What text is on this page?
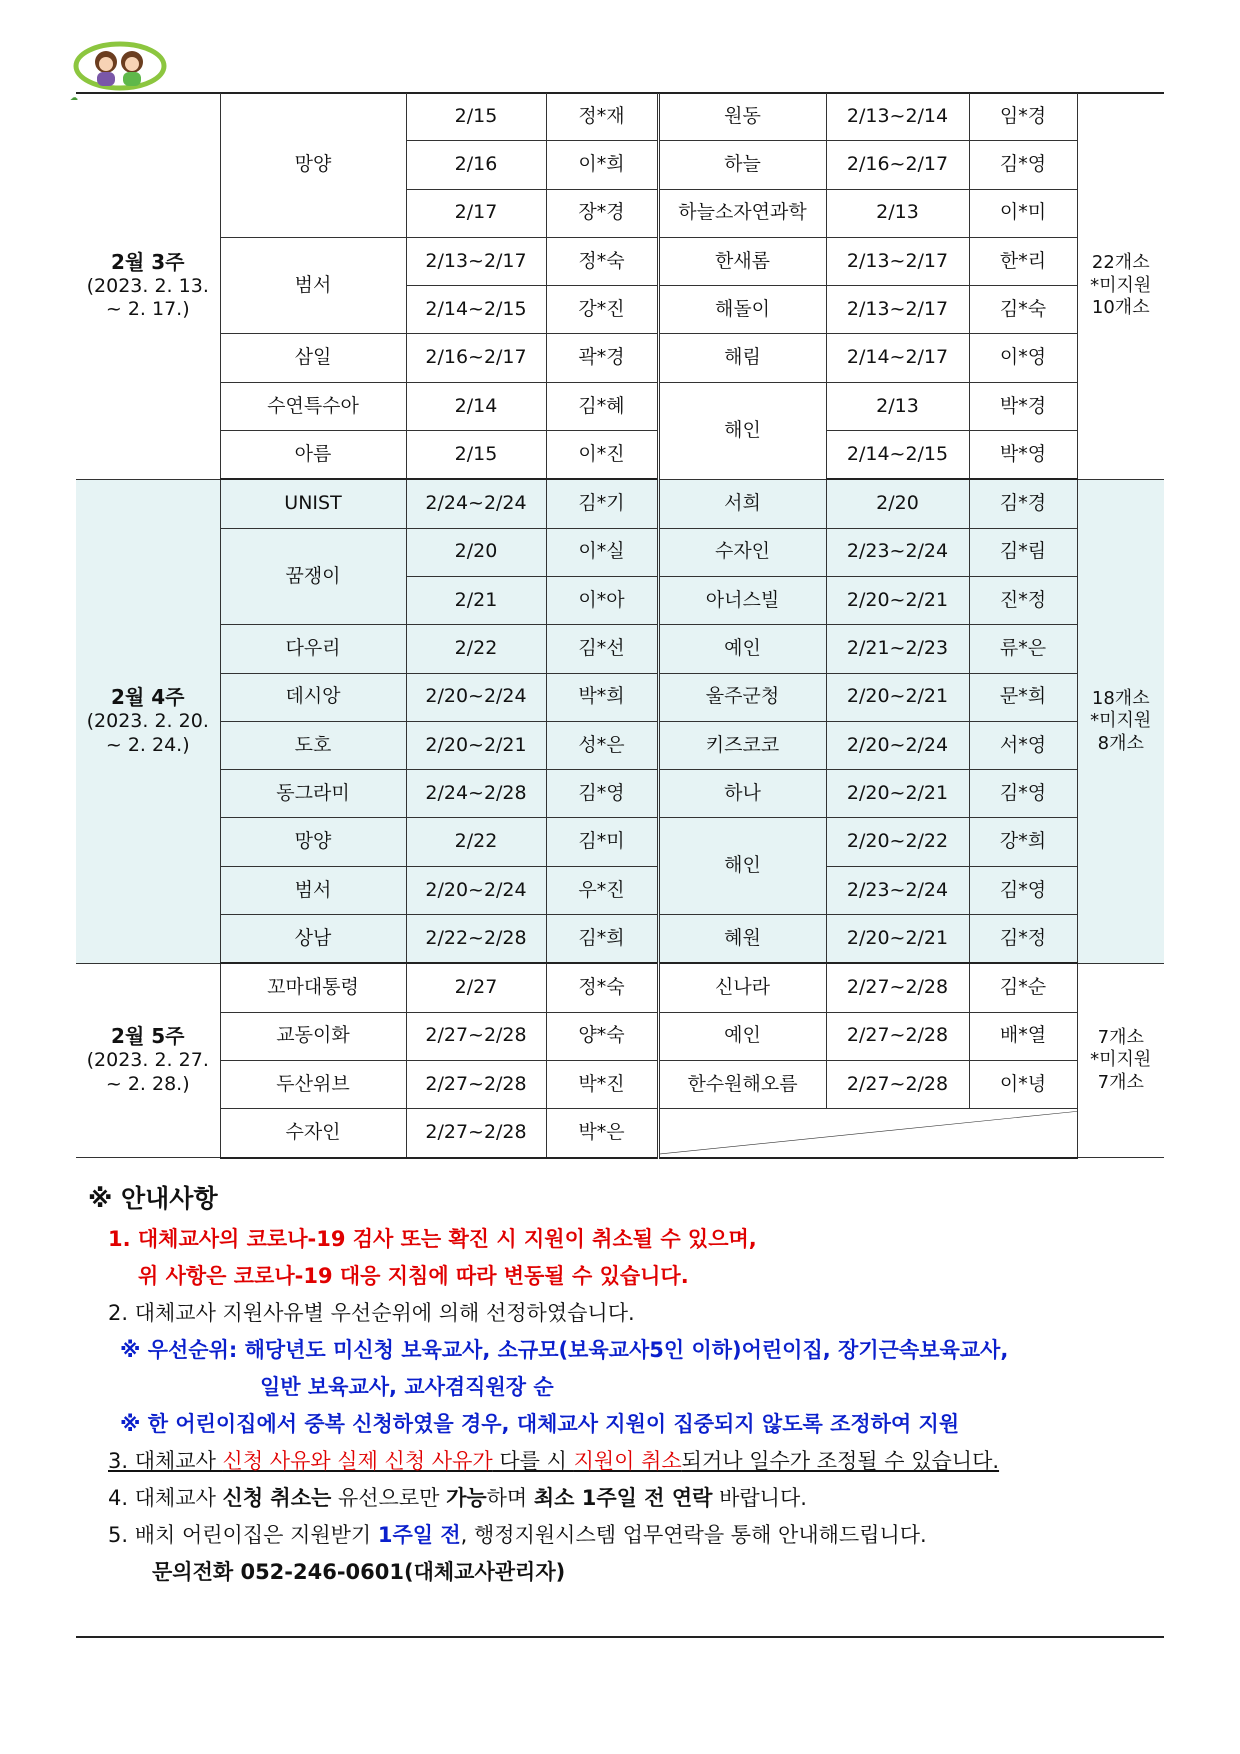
☁
2월 3주
(2023. 2. 13.
~ 2. 17.)	망양	2/15	정*재	원동	2/13~2/14	임*경	22개소
*미지원
10개소

		2/16	이*희	하늘	2/16~2/17	김*영	
		2/17	장*경	하늘소자연과학	2/13	이*미	
	범서	2/13~2/17	정*숙	한새롬	2/13~2/17	한*리	
		2/14~2/15	강*진	해돌이	2/13~2/17	김*숙	
	삼일	2/16~2/17	곽*경	해림	2/14~2/17	이*영	
	수연특수아	2/14	김*혜	해인	2/13	박*경	
	아름	2/15	이*진		2/14~2/15	박*영	

2월 4주
(2023. 2. 20.
~ 2. 24.)	UNIST	2/24~2/24	김*기	서희	2/20	김*경	18개소
*미지원
8개소

	꿈쟁이	2/20	이*실	수자인	2/23~2/24	김*림	
		2/21	이*아	아너스빌	2/20~2/21	진*정	
	다우리	2/22	김*선	예인	2/21~2/23	류*은	
	데시앙	2/20~2/24	박*희	울주군청	2/20~2/21	문*희	
	도호	2/20~2/21	성*은	키즈코코	2/20~2/24	서*영	
	동그라미	2/24~2/28	김*영	하나	2/20~2/21	김*영	
	망양	2/22	김*미	해인	2/20~2/22	강*희	
	범서	2/20~2/24	우*진		2/23~2/24	김*영	
	상남	2/22~2/28	김*희	혜원	2/20~2/21	김*정	

2월 5주
(2023. 2. 27.
~ 2. 28.)	꼬마대통령	2/27	정*숙	신나라	2/27~2/28	김*순	7개소
*미지원
7개소

	교동이화	2/27~2/28	양*숙	예인	2/27~2/28	배*열	
	두산위브	2/27~2/28	박*진	한수원해오름	2/27~2/28	이*녕	
	수자인	2/27~2/28	박*은	
※ 안내사항
1. 대체교사의 코로나-19 검사 또는 확진 시 지원이 취소될 수 있으며,
위 사항은 코로나-19 대응 지침에 따라 변동될 수 있습니다.
2. 대체교사 지원사유별 우선순위에 의해 선정하였습니다.
※ 우선순위: 해당년도 미신청 보육교사, 소규모(보육교사5인 이하)어린이집, 장기근속보육교사,
일반 보육교사, 교사겸직원장 순
※ 한 어린이집에서 중복 신청하였을 경우, 대체교사 지원이 집중되지 않도록 조정하여 지원
3. 대체교사 신청 사유와 실제 신청 사유가 다를 시 지원이 취소되거나 일수가 조정될 수 있습니다.
4. 대체교사 신청 취소는 유선으로만 가능하며 최소 1주일 전 연락 바랍니다.
5. 배치 어린이집은 지원받기 1주일 전, 행정지원시스템 업무연락을 통해 안내해드립니다.
문의전화 052-246-0601(대체교사관리자)
